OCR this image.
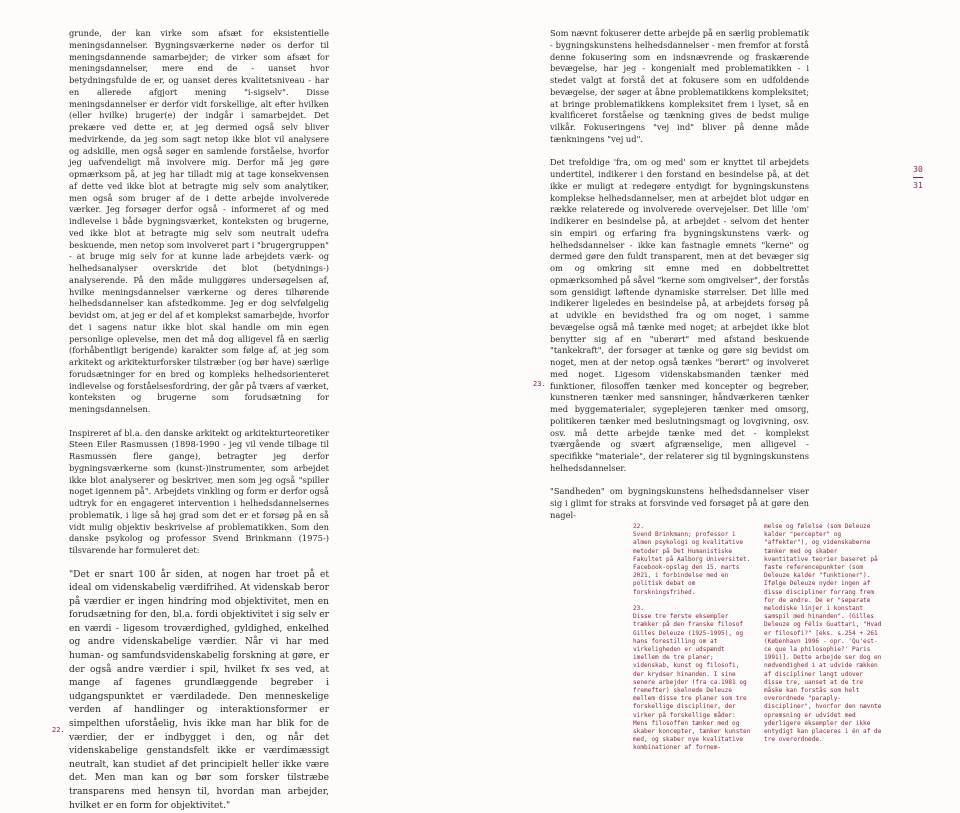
grunde, der kan virke som afsæt for eksistentielle meningsdannelser. Bygningsværkerne nøder os derfor til meningsdannende samarbejder; de virker som afsæt for meningsdannelser, mere end de - uanset hvor betydningsfulde de er, og uanset deres kvalitetsniveau - har en allerede afgjort mening "i-sigselv". Disse meningsdannelser er derfor vidt forskellige, alt efter hvilken (eller hvilke) bruger(e) der indgår i samarbejdet. Det prekære ved dette er, at jeg dermed også selv bliver medvirkende, da jeg som sagt netop ikke blot vil analysere og adskille, men også søger en samlende forståelse, hvorfor jeg uafvendeligt må involvere mig. Derfor må jeg gøre opmærksom på, at jeg har tilladt mig at tage konsekvensen af dette ved ikke blot at betragte mig selv som analytiker, men også som bruger af de i dette arbejde involverede værker. Jeg forsøger derfor også - informeret af og med indlevelse i både bygningsværket, konteksten og brugerne, ved ikke blot at betragte mig selv som neutralt udefra beskuende, men netop som involveret part i "brugergruppen" - at bruge mig selv for at kunne lade arbejdets værk- og helhedsanalyser overskride det blot (betydnings-) analyserende. På den måde muliggøres undersøgelsen af, hvilke meningsdannelser værkerne og deres tilhørende helhedsdannelser kan afstedkomme. Jeg er dog selvfølgelig bevidst om, at jeg er del af et komplekst samarbejde, hvorfor det i sagens natur ikke blot skal handle om min egen personlige oplevelse, men det må dog alligevel få en særlig (forhåbentligt berigende) karakter som følge af, at jeg som arkitekt og arkitekturforsker tilstræber (og bør have) særlige forudsætninger for en bred og kompleks helhedsorienteret indlevelse og forståelsesfordring, der går på tværs af værket, konteksten og brugerne som forudsætning for meningsdannelsen.

Inspireret af bl.a. den danske arkitekt og arkitekturteoretiker Steen Eiler Rasmussen (1898-1990 - jeg vil vende tilbage til Rasmussen flere gange), betragter jeg derfor bygningsværkerne som (kunst-)instrumenter, som arbejdet ikke blot analyserer og beskriver, men som jeg også "spiller noget igennem på". Arbejdets vinkling og form er derfor også udtryk for en engageret intervention i helhedsdannelsernes problematik, i lige så høj grad som det er et forsøg på en så vidt mulig objektiv beskrivelse af problematikken. Som den danske psykolog og professor Svend Brinkmann (1975-) tilsvarende har formuleret det:

"Det er snart 100 år siden, at nogen har troet på et ideal om videnskabelig værdifrihed. At videnskab beror på værdier er ingen hindring mod objektivitet, men en forudsætning for den, bl.a. fordi objektivitet i sig selv er en værdi - ligesom troværdighed, gyldighed, enkelhed og andre videnskabelige værdier. Når vi har med human- og samfundsvidenskabelig forskning at gøre, er der også andre værdier i spil, hvilket fx ses ved, at mange af fagenes grundlæggende begreber i udgangspunktet er værdiladede. Den menneskelige verden af handlinger og interaktionsformer er simpelthen uforståelig, hvis ikke man har blik for de værdier, der er indbygget i den, og når det videnskabelige genstandsfelt ikke er værdimæssigt neutralt, kan studiet af det principielt heller ikke være det. Men man kan og bør som forsker tilstræbe transparens med hensyn til, hvordan man arbejder, hvilket er en form for objektivitet."

22.

Som nævnt fokuserer dette arbejde på en særlig problematik - bygningskunstens helhedsdannelser - men fremfor at forstå denne fokusering som en indsnævrende og fraskærende bevægelse, har jeg - kongenialt med problematikken - i stedet valgt at forstå det at fokusere som en udfoldende bevægelse, der søger at åbne problematikkens kompleksitet; at bringe problematikkens kompleksitet frem i lyset, så en kvalificeret forståelse og tænkning gives de bedst mulige vilkår. Fokuseringens "vej ind" bliver på denne måde tænkningens "vej ud".

Det trefoldige 'fra, om og med' som er knyttet til arbejdets undertitel, indikerer i den forstand en besindelse på, at det ikke er muligt at redegøre entydigt for bygningskunstens komplekse helhedsdannelser, men at arbejdet blot udgør en række relaterede og involverede overvejelser. Det lille 'om' indikerer en besindelse på, at arbejdet - selvom det henter sin empiri og erfaring fra bygningskunstens værk- og helhedsdannelser - ikke kan fastnagle emnets "kerne" og dermed gøre den fuldt transparent, men at det bevæger sig om og omkring sit emne med en dobbeltrettet opmærksomhed på såvel "kerne som omgivelser", der forstås som gensidigt løftende dynamiske størrelser. Det lille med indikerer ligeledes en besindelse på, at arbejdets forsøg på at udvikle en bevidsthed fra og om noget, i samme bevægelse også må tænke med noget; at arbejdet ikke blot benytter sig af en "uberørt" med afstand beskuende "tankekraft", der forsøger at tænke og gøre sig bevidst om noget, men at der netop også tænkes "berørt" og involveret med noget. Ligesom videnskabsmanden tænker med funktioner, filosoffen tænker med koncepter og begreber, kunstneren tænker med sansninger, håndværkeren tænker med byggematerialer, sygeplejeren tænker med omsorg, politikeren tænker med beslutningsmagt og lovgivning, osv. osv. må dette arbejde tænke med det - komplekst tværgående og svært afgrænselige, men alligevel - specifikke "materiale", der relaterer sig til bygningskunstens helhedsdannelser.

"Sandheden" om bygningskunstens helhedsdannelser viser sig i glimt for straks at forsvinde ved forsøget på at gøre den nagel-

23.
30
31

22.
Svend Brinkmann; professor i almen psykologi og kvalitative metoder på Det Humanistiske Fakultet på Aalborg Universitet. Facebook-opslag den 15. marts 2021, i forbindelse med en politisk debat om forskningsfrihed.

23.
Disse tre første eksempler trækker på den franske filosof Gilles Deleuze (1925-1995), og hans forestilling om at virkeligheden er udspændt imellem de tre planer; videnskab, kunst og filosofi, der krydser hinanden. I sine senere arbejder (fra ca.1981 og fremefter) skelnede Deleuze mellem disse tre planer som tre forskellige discipliner, der virker på forskellige måder: Mens filosoffen tænker med og skaber koncepter, tænker kunsten med, og skaber nye kvalitative kombinationer af fornem-

melse og følelse (som Deleuze kalder "percepter" og "affekter"), og videnskaberne tænker med og skaber kvantitative teorier baseret på faste referencepunkter (som Deleuze kalder "funktioner"). Ifølge Deleuze nyder ingen af disse discipliner forrang frem for de andre. De er "separate melodiske linjer i konstant samspil med hinanden". (Gilles Deleuze og Félix Guattari, "Hvad er filosofi?" [eks. s.254 + 261 (København 1996 - opr. 'Qu'est-ce que la philosophie?' Paris 1991)]. Dette arbejde ser dog en nødvendighed i at udvide rækken af discipliner langt udover disse tre, uanset at de tre måske kan forstås som helt overordnede "paraply-discipliner", hvorfor den nævnte opremsning er udvidet med yderligere eksempler der ikke entydigt kan placeres i én af de tre overordnede.
